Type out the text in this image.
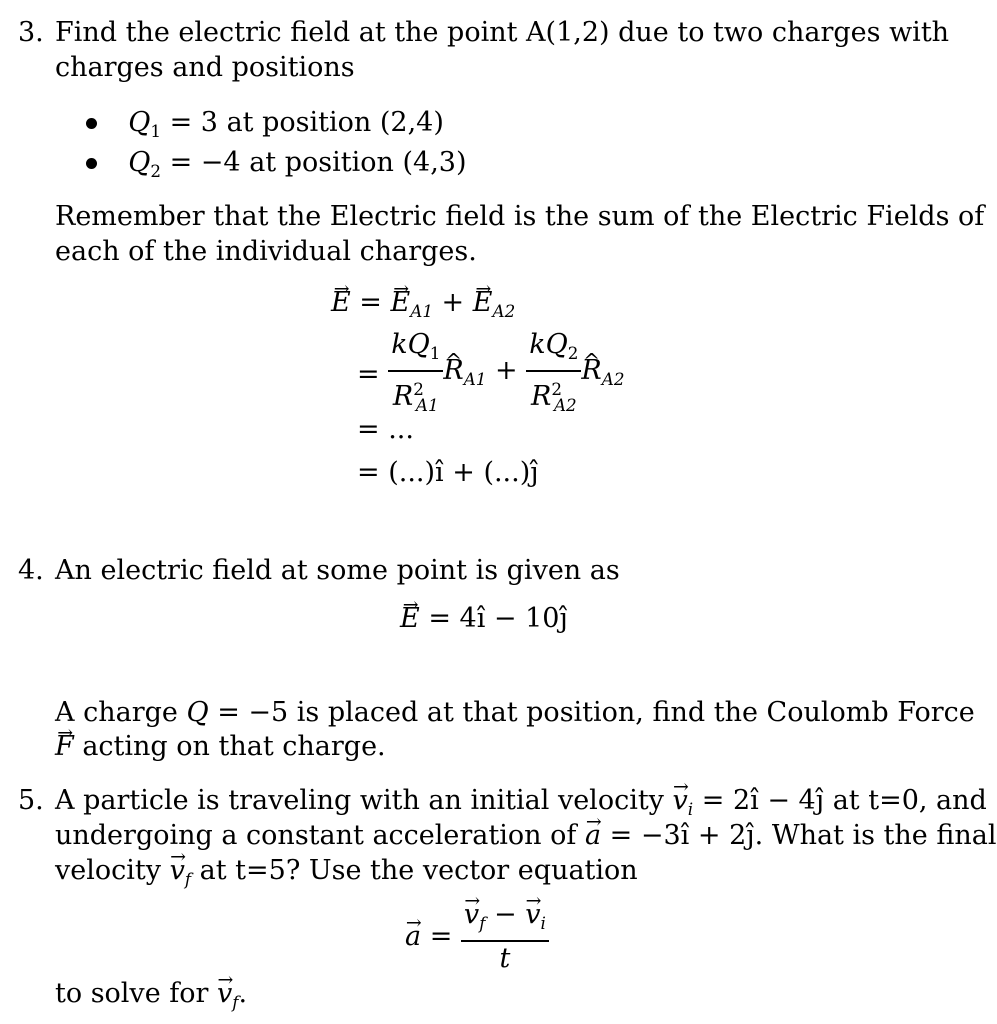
3. Find the electric field at the point A(1,2) due to two charges with
charges and positions
$Q_1 = 3$ at position (2,4)
$Q_2 = -4$ at position (4,3)
Remember that the Electric field is the sum of the Electric Fields of
each of the individual charges.
→ E = → $E_{A1}$ + → $E_{A2}$
= $\frac{kQ_1}{R^2_{A1}}$ ^ $R_{A1} + \frac{kQ_2}{R^2_{A2}}$ ^ $R_{A2}$
= ...
= (...)î + (...)ĵ
4. An electric field at some point is given as
→ E = 4î − 10ĵ
A charge Q = −5 is placed at that position, find the Coulomb Force
→ F acting on that charge.
5. A particle is traveling with an initial velocity → $v_i$ = 2î − 4ĵ at t=0, and
undergoing a constant acceleration of → a = −3î + 2ĵ. What is the final
velocity → $v_f$ at t=5? Use the vector equation
→ a = → $\frac{v_f - \to v_i}{t}$
to solve for → $v_f$.
